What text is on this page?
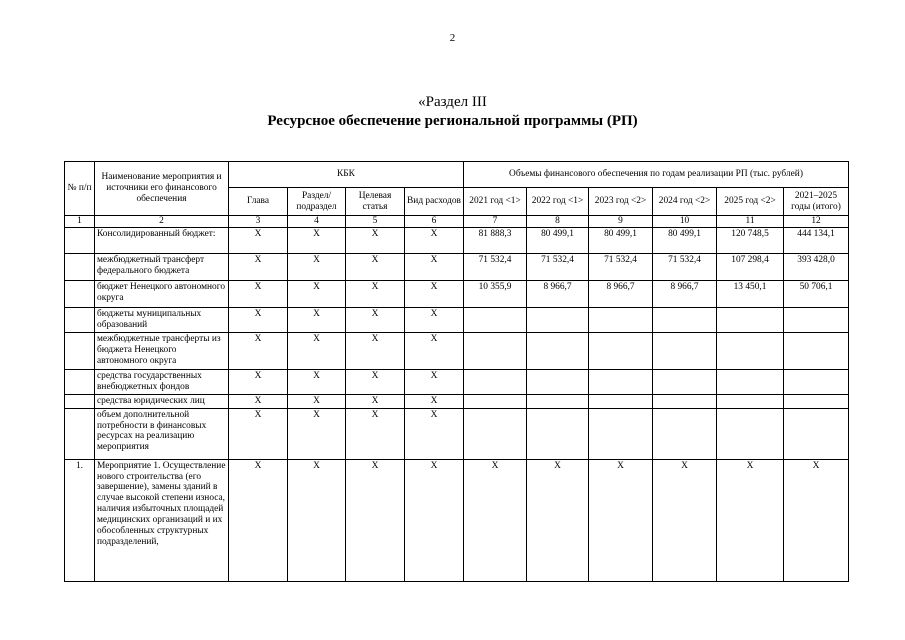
2
«Раздел III
Ресурсное обеспечение региональной программы (РП)
№ п/п	Наименование мероприятия и источники его финансового обеспечения	КБК				Объемы финансового обеспечения по годам реализации РП (тыс. рублей)					
		Глава	Раздел/ подраздел	Целевая статья	Вид расходов	2021 год <1>	2022 год <1>	2023 год <2>	2024 год <2>	2025 год <2>	2021–2025 годы (итого)
1	2	3	4	5	6	7	8	9	10	11	12
	Консолидированный бюджет:	X	X	X	X	81 888,3	80 499,1	80 499,1	80 499,1	120 748,5	444 134,1
	межбюджетный трансферт федерального бюджета	X	X	X	X	71 532,4	71 532,4	71 532,4	71 532,4	107 298,4	393 428,0
	бюджет Ненецкого автономного округа	X	X	X	X	10 355,9	8 966,7	8 966,7	8 966,7	13 450,1	50 706,1
	бюджеты муниципальных образований	X	X	X	X						
	межбюджетные трансферты из бюджета Ненецкого автономного округа	X	X	X	X						
	средства государственных внебюджетных фондов	X	X	X	X						
	средства юридических лиц	X	X	X	X						
	объем дополнительной потребности в финансовых ресурсах на реализацию мероприятия	X	X	X	X						
1.	Мероприятие 1. Осуществление нового строительства (его завершение), замены зданий в случае высокой степени износа, наличия избыточных площадей медицинских организаций и их обособленных структурных подразделений,	X	X	X	X	X	X	X	X	X	X
